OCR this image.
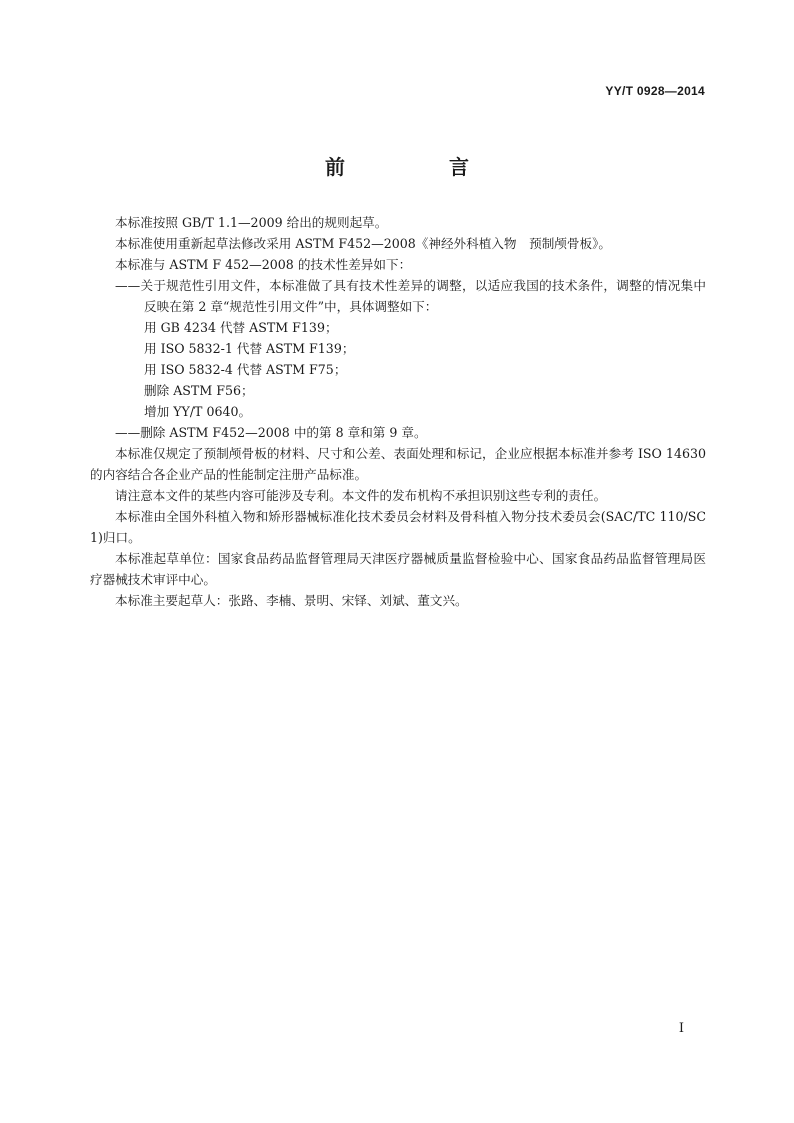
YY/T 0928—2014
前　言

本标准按照 GB/T 1.1—2009 给出的规则起草。

本标准使用重新起草法修改采用 ASTM F452—2008《神经外科植入物　预制颅骨板》。

本标准与 ASTM F 452—2008 的技术性差异如下：

——关于规范性引用文件，本标准做了具有技术性差异的调整，以适应我国的技术条件，调整的情况集中反映在第 2 章“规范性引用文件”中，具体调整如下：

用 GB 4234 代替 ASTM F139；

用 ISO 5832-1 代替 ASTM F139；

用 ISO 5832-4 代替 ASTM F75；

删除 ASTM F56；

增加 YY/T 0640。

——删除 ASTM F452—2008 中的第 8 章和第 9 章。

本标准仅规定了预制颅骨板的材料、尺寸和公差、表面处理和标记，企业应根据本标准并参考 ISO 14630的内容结合各企业产品的性能制定注册产品标准。

请注意本文件的某些内容可能涉及专利。本文件的发布机构不承担识别这些专利的责任。

本标准由全国外科植入物和矫形器械标准化技术委员会材料及骨科植入物分技术委员会(SAC/TC 110/SC 1)归口。

本标准起草单位：国家食品药品监督管理局天津医疗器械质量监督检验中心、国家食品药品监督管理局医疗器械技术审评中心。

本标准主要起草人：张路、李楠、景明、宋铎、刘斌、董文兴。

I
